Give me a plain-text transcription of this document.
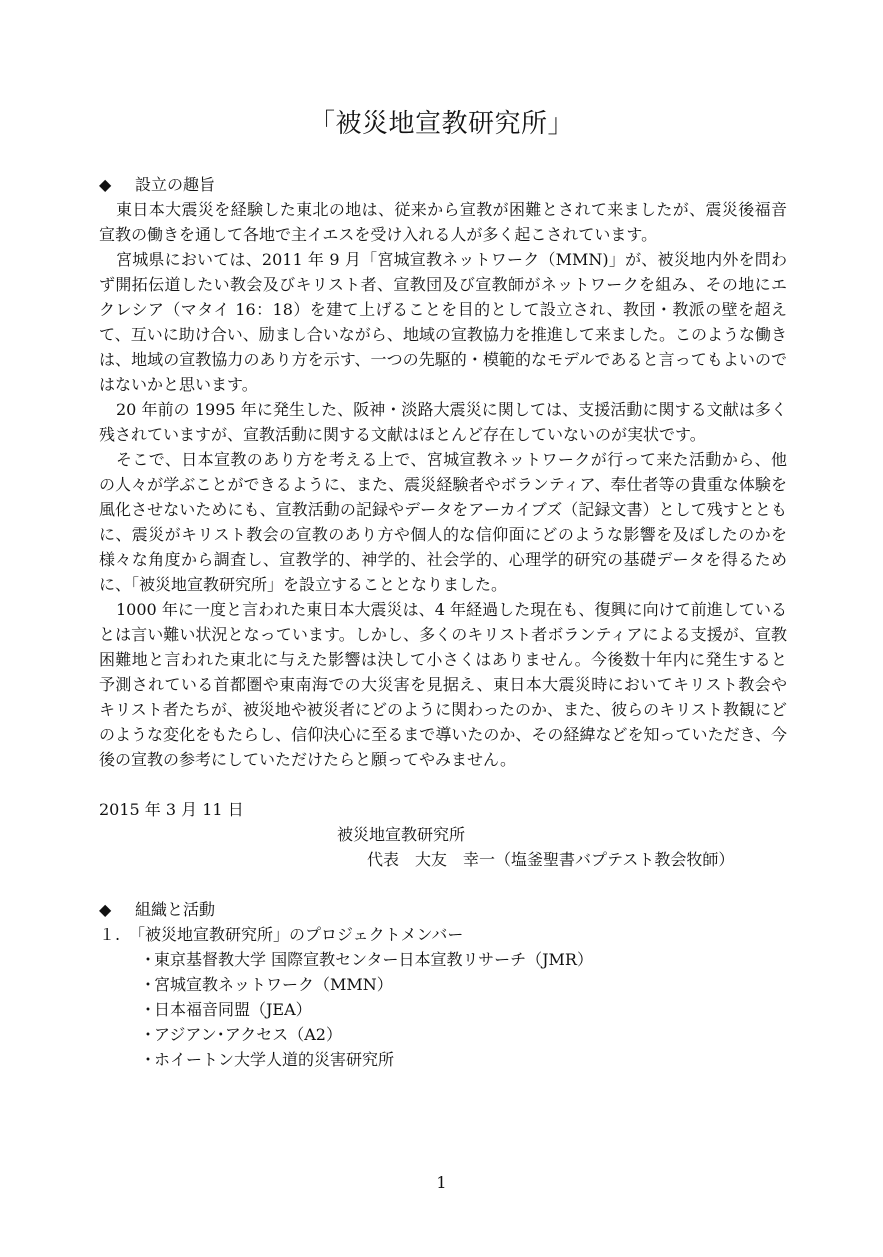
「被災地宣教研究所」

◆ 設立の趣旨

東日本大震災を経験した東北の地は、従来から宣教が困難とされて来ましたが、震災後福音宣教の働きを通して各地で主イエスを受け入れる人が多く起こされています。

宮城県においては、2011 年 9 月「宮城宣教ネットワーク（MMN)」が、被災地内外を問わず開拓伝道したい教会及びキリスト者、宣教団及び宣教師がネットワークを組み、その地にエクレシア（マタイ 16：18）を建て上げることを目的として設立され、教団・教派の壁を超えて、互いに助け合い、励まし合いながら、地域の宣教協力を推進して来ました。このような働きは、地域の宣教協力のあり方を示す、一つの先駆的・模範的なモデルであると言ってもよいのではないかと思います。

20 年前の 1995 年に発生した、阪神・淡路大震災に関しては、支援活動に関する文献は多く残されていますが、宣教活動に関する文献はほとんど存在していないのが実状です。

そこで、日本宣教のあり方を考える上で、宮城宣教ネットワークが行って来た活動から、他の人々が学ぶことができるように、また、震災経験者やボランティア、奉仕者等の貴重な体験を風化させないためにも、宣教活動の記録やデータをアーカイブズ（記録文書）として残すとともに、震災がキリスト教会の宣教のあり方や個人的な信仰面にどのような影響を及ぼしたのかを様々な角度から調査し、宣教学的、神学的、社会学的、心理学的研究の基礎データを得るために、「被災地宣教研究所」を設立することとなりました。

1000 年に一度と言われた東日本大震災は、4 年経過した現在も、復興に向けて前進しているとは言い難い状況となっています。しかし、多くのキリスト者ボランティアによる支援が、宣教困難地と言われた東北に与えた影響は決して小さくはありません。今後数十年内に発生すると予測されている首都圏や東南海での大災害を見据え、東日本大震災時においてキリスト教会やキリスト者たちが、被災地や被災者にどのように関わったのか、また、彼らのキリスト教観にどのような変化をもたらし、信仰決心に至るまで導いたのか、その経緯などを知っていただき、今後の宣教の参考にしていただけたらと願ってやみません。

2015 年 3 月 11 日

被災地宣教研究所

代表　大友　幸一（塩釜聖書バプテスト教会牧師）

◆ 組織と活動

１. 「被災地宣教研究所」のプロジェクトメンバー

・東京基督教大学 国際宣教センター日本宣教リサーチ（JMR）
・宮城宣教ネットワーク（MMN）
・日本福音同盟（JEA）
・アジアン･アクセス（A2）
・ホイートン大学人道的災害研究所
1
